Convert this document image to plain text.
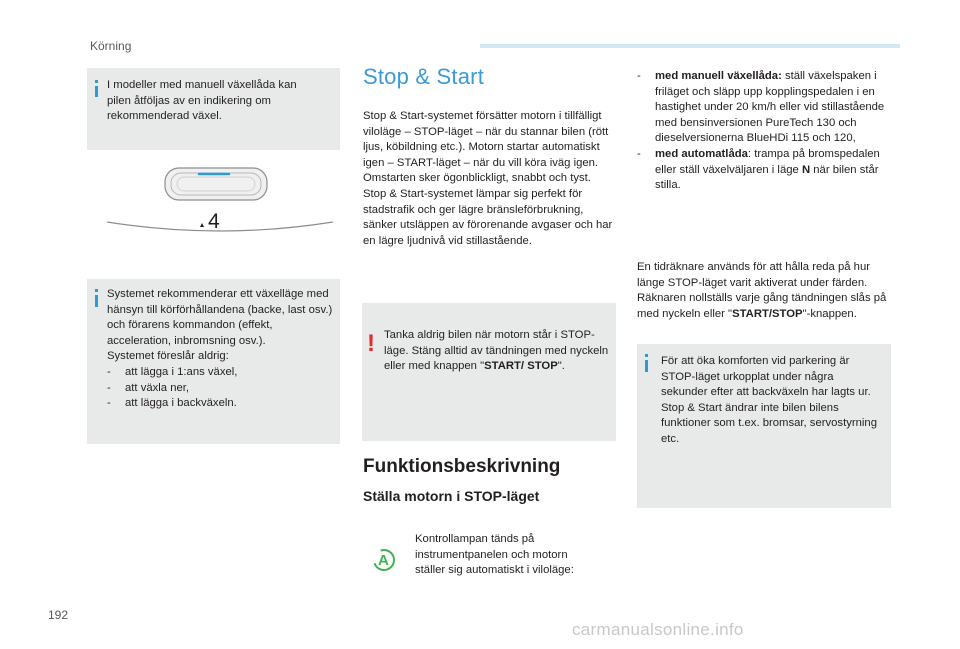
Körning
I modeller med manuell växellåda kan pilen åtföljas av en indikering om rekommenderad växel.
4
Systemet rekommenderar ett växelläge med hänsyn till körförhållandena (backe, last osv.) och förarens kommandon (effekt, acceleration, inbromsning osv.).
Systemet föreslår aldrig:
-	att lägga i 1:ans växel,
-	att växla ner,
-	att lägga i backväxeln.
Stop & Start
Stop & Start-systemet försätter motorn i tillfälligt viloläge – STOP-läget – när du stannar bilen (rött ljus, köbildning etc.). Motorn startar automatiskt igen – START-läget – när du vill köra iväg igen. Omstarten sker ögonblickligt, snabbt och tyst.
Stop & Start-systemet lämpar sig perfekt för stadstrafik och ger lägre bränsleförbrukning, sänker utsläppen av förorenande avgaser och har en lägre ljudnivå vid stillastående.
! Tanka aldrig bilen när motorn står i STOP-läge. Stäng alltid av tändningen med nyckeln eller med knappen "START/ STOP".
Funktionsbeskrivning
Ställa motorn i STOP-läget
A
Kontrollampan tänds på instrumentpanelen och motorn ställer sig automatiskt i viloläge:
-	med manuell växellåda: ställ växelspaken i friläget och släpp upp kopplingspedalen i en hastighet under 20 km/h eller vid stillastående med bensinversionen PureTech 130 och dieselversionerna BlueHDi 115 och 120,
-	med automatlåda: trampa på bromspedalen eller ställ växelväljaren i läge N när bilen står stilla.
En tidräknare används för att hålla reda på hur länge STOP-läget varit aktiverat under färden. Räknaren nollställs varje gång tändningen slås på med nyckeln eller "START/STOP"-knappen.
För att öka komforten vid parkering är STOP-läget urkopplat under några sekunder efter att backväxeln har lagts ur. Stop & Start ändrar inte bilen bilens funktioner som t.ex. bromsar, servostyrning etc.
192
carmanualsonline.info
